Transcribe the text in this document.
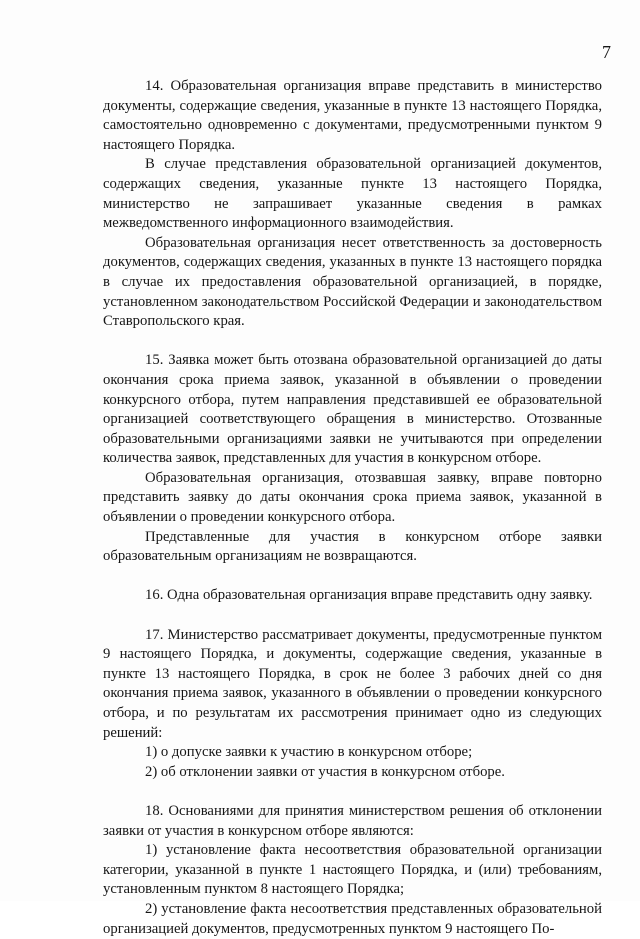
7

14. Образовательная организация вправе представить в министерство документы, содержащие сведения, указанные в пункте 13 настоящего Порядка, самостоятельно одновременно с документами, предусмотренными пунктом 9 настоящего Порядка.

В случае представления образовательной организацией документов, содержащих сведения, указанные пункте 13 настоящего Порядка, министерство не запрашивает указанные сведения в рамках межведомственного информационного взаимодействия.

Образовательная организация несет ответственность за достоверность документов, содержащих сведения, указанных в пункте 13 настоящего порядка в случае их предоставления образовательной организацией, в порядке, установленном законодательством Российской Федерации и законодательством Ставропольского края.

15. Заявка может быть отозвана образовательной организацией до даты окончания срока приема заявок, указанной в объявлении о проведении конкурсного отбора, путем направления представившей ее образовательной организацией соответствующего обращения в министерство. Отозванные образовательными организациями заявки не учитываются при определении количества заявок, представленных для участия в конкурсном отборе.

Образовательная организация, отозвавшая заявку, вправе повторно представить заявку до даты окончания срока приема заявок, указанной в объявлении о проведении конкурсного отбора.

Представленные для участия в конкурсном отборе заявки образовательным организациям не возвращаются.

16. Одна образовательная организация вправе представить одну заявку.

17. Министерство рассматривает документы, предусмотренные пунктом 9 настоящего Порядка, и документы, содержащие сведения, указанные в пункте 13 настоящего Порядка, в срок не более 3 рабочих дней со дня окончания приема заявок, указанного в объявлении о проведении конкурсного отбора, и по результатам их рассмотрения принимает одно из следующих решений:

1) о допуске заявки к участию в конкурсном отборе;

2) об отклонении заявки от участия в конкурсном отборе.

18. Основаниями для принятия министерством решения об отклонении заявки от участия в конкурсном отборе являются:

1) установление факта несоответствия образовательной организации категории, указанной в пункте 1 настоящего Порядка, и (или) требованиям, установленным пунктом 8 настоящего Порядка;

2) установление факта несоответствия представленных образовательной организацией документов, предусмотренных пунктом 9 настоящего По-
